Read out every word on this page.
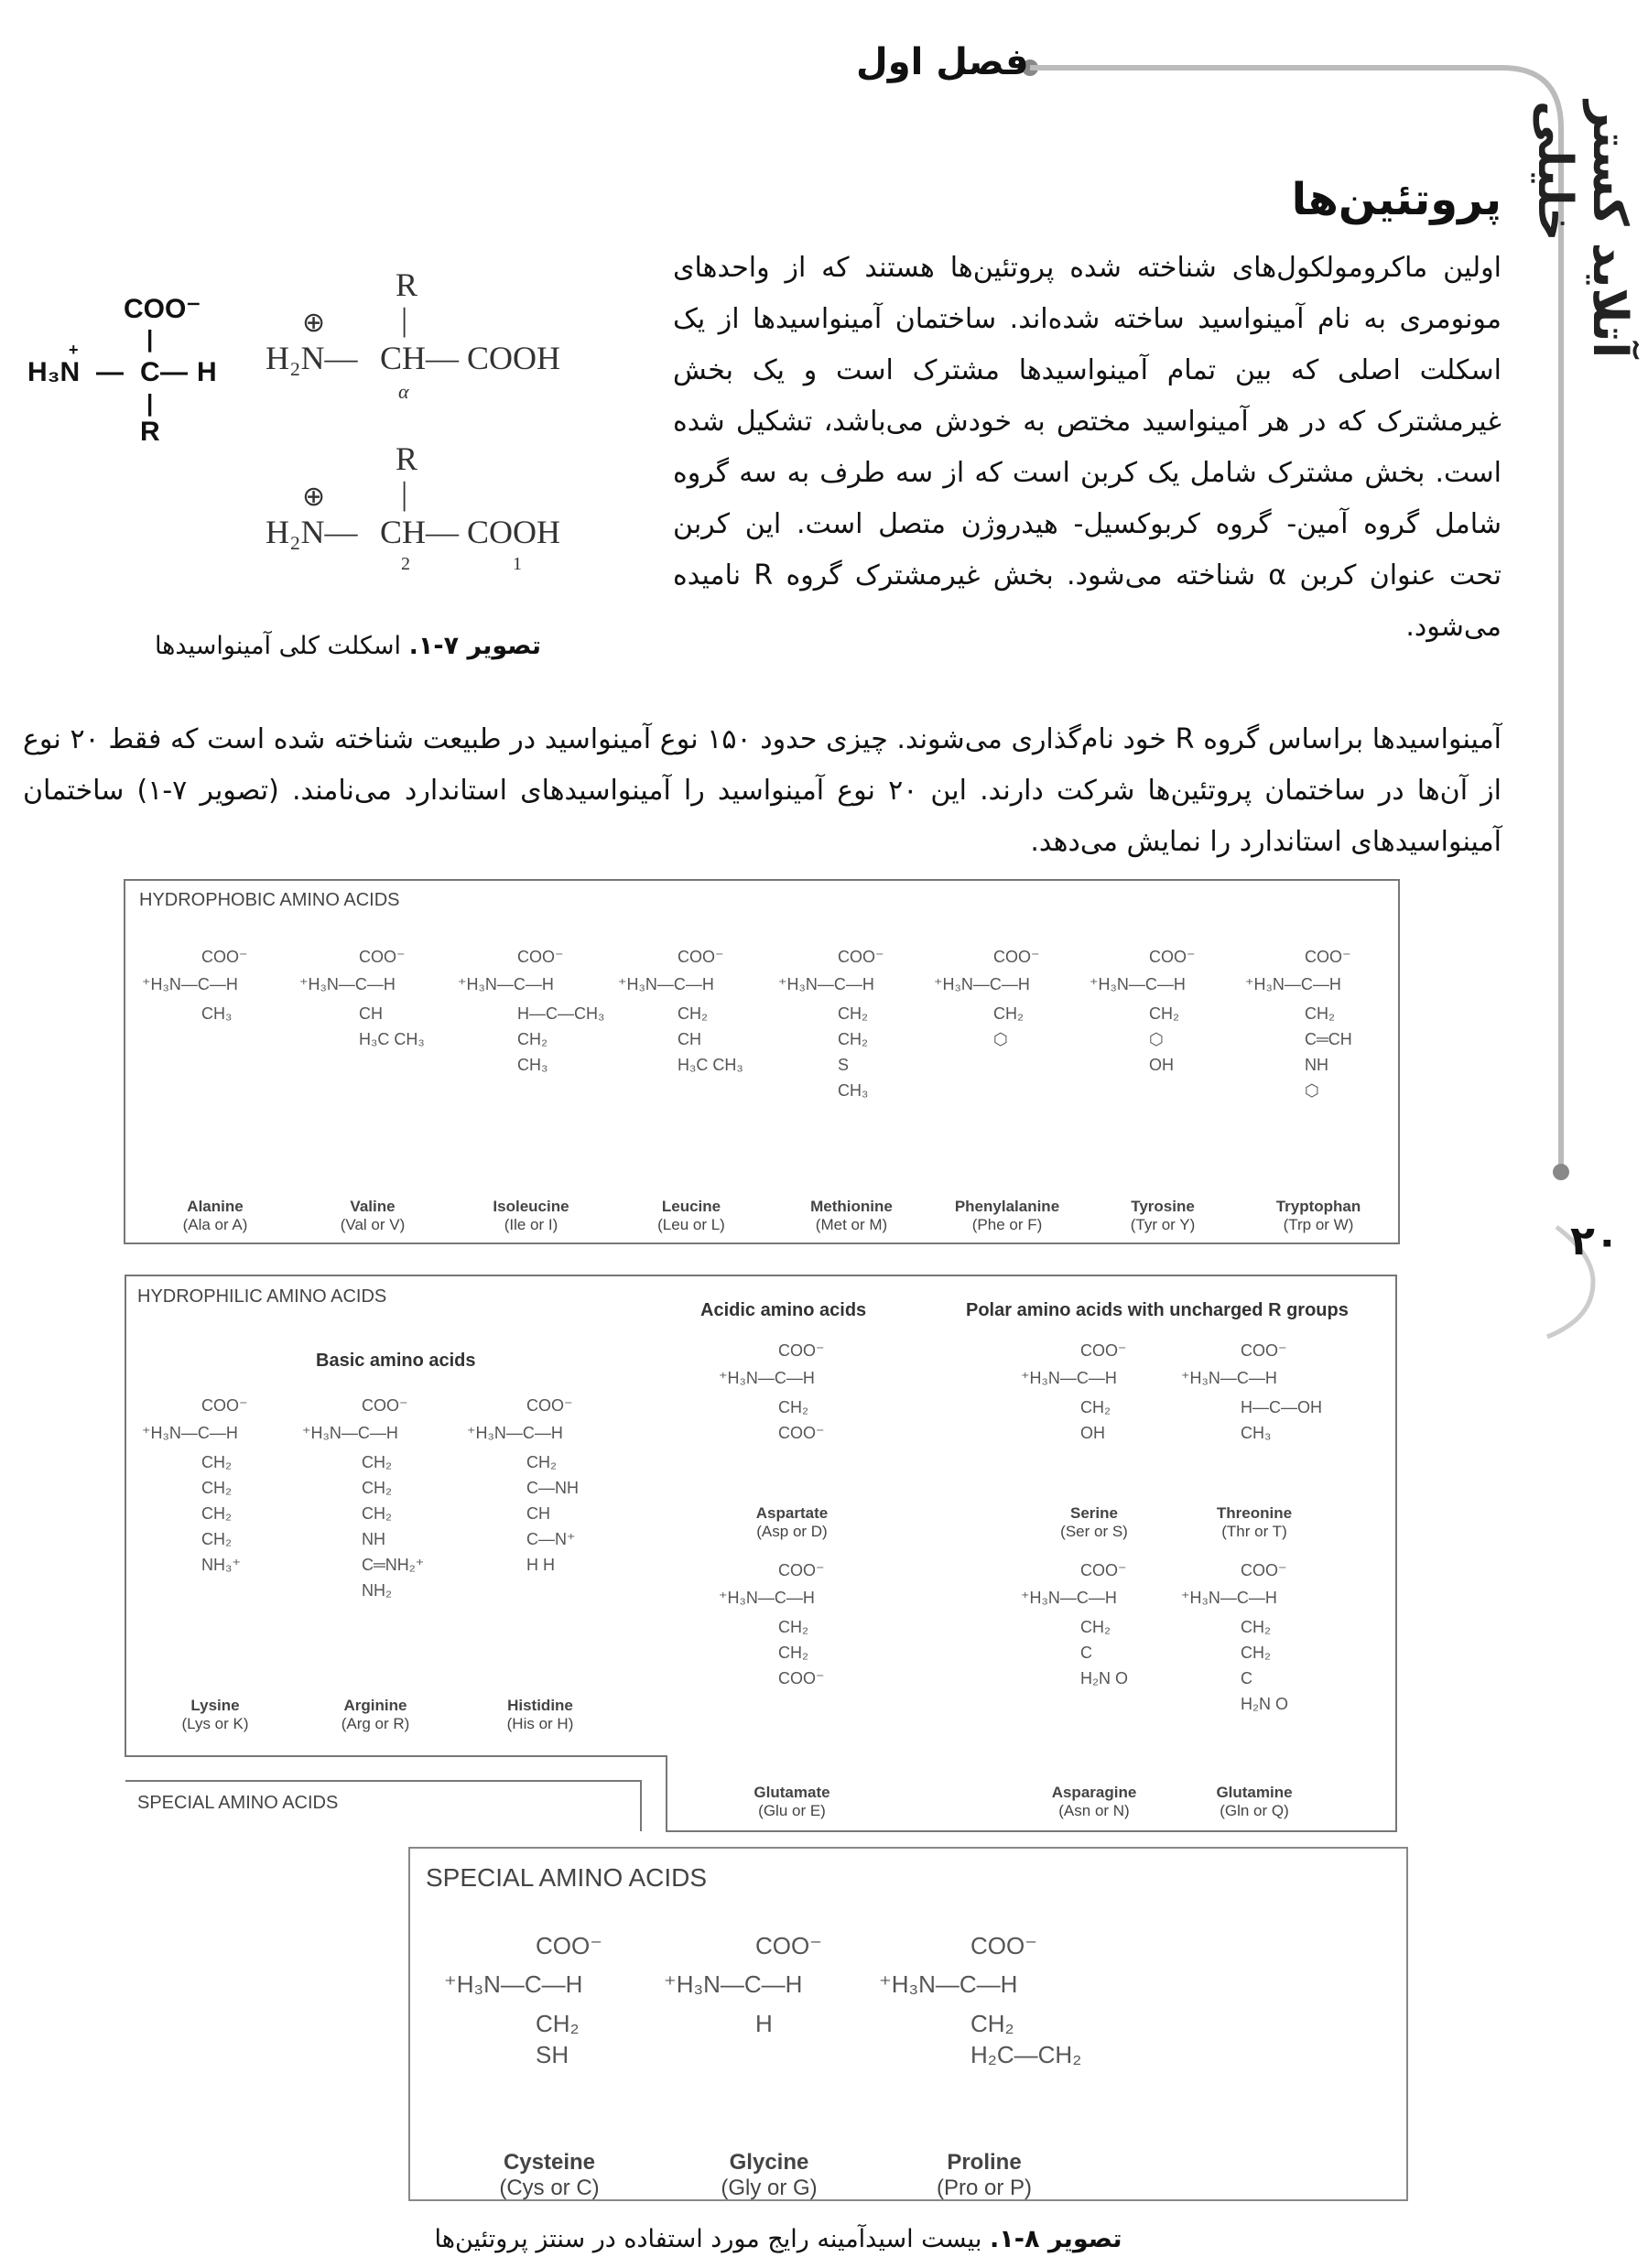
فصل اول
آتلاید کستر خلیلی
۲۰
پروتئین‌ها
اولین ماکرومولکول‌های شناخته شده پروتئین‌ها هستند که از واحدهای مونومری به نام آمینواسید ساخته شده‌اند. ساختمان آمینواسیدها از یک اسکلت اصلی که بین تمام آمینواسیدها مشترک است و یک بخش غیرمشترک که در هر آمینواسید مختص به خودش می‌باشد، تشکیل شده است. بخش مشترک شامل یک کربن است که از سه طرف به سه گروه شامل گروه آمین- گروه کربوکسیل- هیدروژن متصل است. این کربن تحت عنوان کربن α شناخته می‌شود. بخش غیرمشترک گروه R نامیده می‌شود.
آمینواسیدها براساس گروه R خود نام‌گذاری می‌شوند. چیزی حدود ۱۵۰ نوع آمینواسید در طبیعت شناخته شده است که فقط ۲۰ نوع از آن‌ها در ساختمان پروتئین‌ها شرکت دارند. این ۲۰ نوع آمینواسید را آمینواسیدهای استاندارد می‌نامند. (تصویر ۷-۱) ساختمان آمینواسیدهای استاندارد را نمایش می‌دهد.
COO⁻
|
+
H₃N — C — H
|
R
R
|
⊕
H₂N— CH— COOH
α
R
|
⊕
H₂N— CH— COOH
2	1
تصویر ۷-۱. اسکلت کلی آمینواسیدها
HYDROPHOBIC AMINO ACIDS
HYDROPHILIC AMINO ACIDS
Basic amino acids
Acidic amino acids	Polar amino acids with uncharged R groups
SPECIAL AMINO ACIDS
SPECIAL AMINO ACIDS
COO⁻
⁺H₃N—C—H
CH₃
Alanine
(Ala or A)
COO⁻
⁺H₃N—C—H
CH
H₃C CH₃
Valine
(Val or V)
COO⁻
⁺H₃N—C—H
H—C—CH₃
CH₂
CH₃
Isoleucine
(Ile or I)
COO⁻
⁺H₃N—C—H
CH₂
CH
H₃C CH₃
Leucine
(Leu or L)
COO⁻
⁺H₃N—C—H
CH₂
CH₂
S
CH₃
Methionine
(Met or M)
COO⁻
⁺H₃N—C—H
CH₂
⬡
Phenylalanine
(Phe or F)
COO⁻
⁺H₃N—C—H
CH₂
⬡
OH
Tyrosine
(Tyr or Y)
COO⁻
⁺H₃N—C—H
CH₂
C═CH
NH
⬡
Tryptophan
(Trp or W)
COO⁻
⁺H₃N—C—H
CH₂
CH₂
CH₂
CH₂
NH₃⁺
Lysine
(Lys or K)
COO⁻
⁺H₃N—C—H
CH₂
CH₂
CH₂
NH
C═NH₂⁺
NH₂
Arginine
(Arg or R)
COO⁻
⁺H₃N—C—H
CH₂
C—NH
CH
C—N⁺
H H
Histidine
(His or H)
COO⁻
⁺H₃N—C—H
CH₂
COO⁻
Aspartate
(Asp or D)
COO⁻
⁺H₃N—C—H
CH₂
CH₂
COO⁻
Glutamate
(Glu or E)
COO⁻
⁺H₃N—C—H
CH₂
OH
Serine
(Ser or S)
COO⁻
⁺H₃N—C—H
H—C—OH
CH₃
Threonine
(Thr or T)
COO⁻
⁺H₃N—C—H
CH₂
C
H₂N O
Asparagine
(Asn or N)
COO⁻
⁺H₃N—C—H
CH₂
CH₂
C
H₂N O
Glutamine
(Gln or Q)
COO⁻
⁺H₃N—C—H
CH₂
SH
Cysteine
(Cys or C)
COO⁻
⁺H₃N—C—H
H
Glycine
(Gly or G)
COO⁻
⁺H₃N—C—H
CH₂
H₂C—CH₂
Proline
(Pro or P)
تصویر ۸-۱. بیست اسیدآمینه رایج مورد استفاده در سنتز پروتئین‌ها
